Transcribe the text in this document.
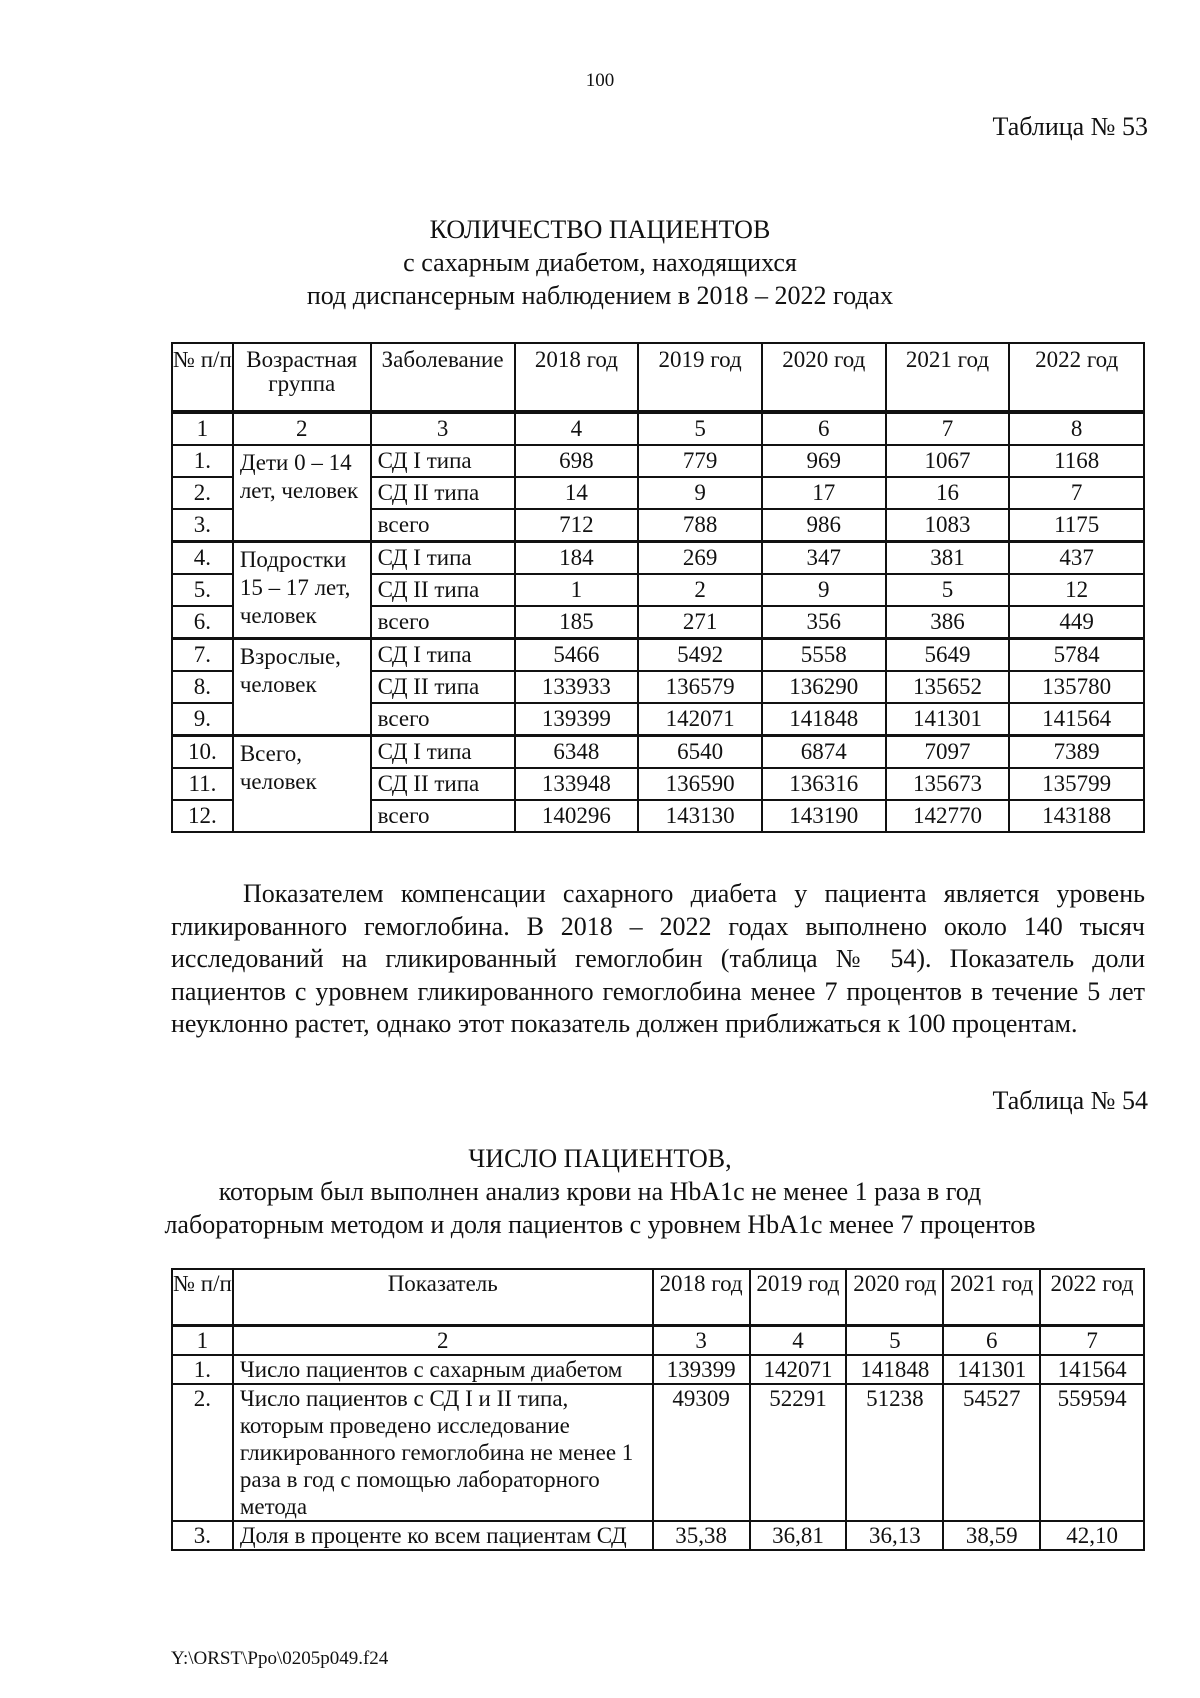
100
Таблица № 53
КОЛИЧЕСТВО ПАЦИЕНТОВ
с сахарным диабетом, находящихся
под диспансерным наблюдением в 2018 – 2022 годах
№ п/п	Возрастная группа	Заболевание	2018 год	2019 год	2020 год	2021 год	2022 год
1	2	3	4	5	6	7	8
1.	Дети 0 – 14 лет, человек	СД I типа	698	779	969	1067	1168
2.		СД II типа	14	9	17	16	7
3.		всего	712	788	986	1083	1175
4.	Подростки 15 – 17 лет, человек	СД I типа	184	269	347	381	437
5.		СД II типа	1	2	9	5	12
6.		всего	185	271	356	386	449
7.	Взрослые, человек	СД I типа	5466	5492	5558	5649	5784
8.		СД II типа	133933	136579	136290	135652	135780
9.		всего	139399	142071	141848	141301	141564
10.	Всего, человек	СД I типа	6348	6540	6874	7097	7389
11.		СД II типа	133948	136590	136316	135673	135799
12.		всего	140296	143130	143190	142770	143188
Показателем компенсации сахарного диабета у пациента является уровень гликированного гемоглобина. В 2018 – 2022 годах выполнено около 140 тысяч исследований на гликированный гемоглобин (таблица № 54). Показатель доли пациентов с уровнем гликированного гемоглобина менее 7 процентов в течение 5 лет неуклонно растет, однако этот показатель должен приближаться к 100 процентам.
Таблица № 54
ЧИСЛО ПАЦИЕНТОВ,
которым был выполнен анализ крови на HbA1c не менее 1 раза в год
лабораторным методом и доля пациентов с уровнем HbA1c менее 7 процентов
№ п/п	Показатель	2018 год	2019 год	2020 год	2021 год	2022 год
1	2	3	4	5	6	7
1.	Число пациентов с сахарным диабетом	139399	142071	141848	141301	141564
2.	Число пациентов с СД I и II типа, которым проведено исследование гликированного гемоглобина не менее 1 раза в год с помощью лабораторного метода	49309	52291	51238	54527	559594
3.	Доля в проценте ко всем пациентам СД	35,38	36,81	36,13	38,59	42,10
Y:\ORST\Ppo\0205p049.f24
